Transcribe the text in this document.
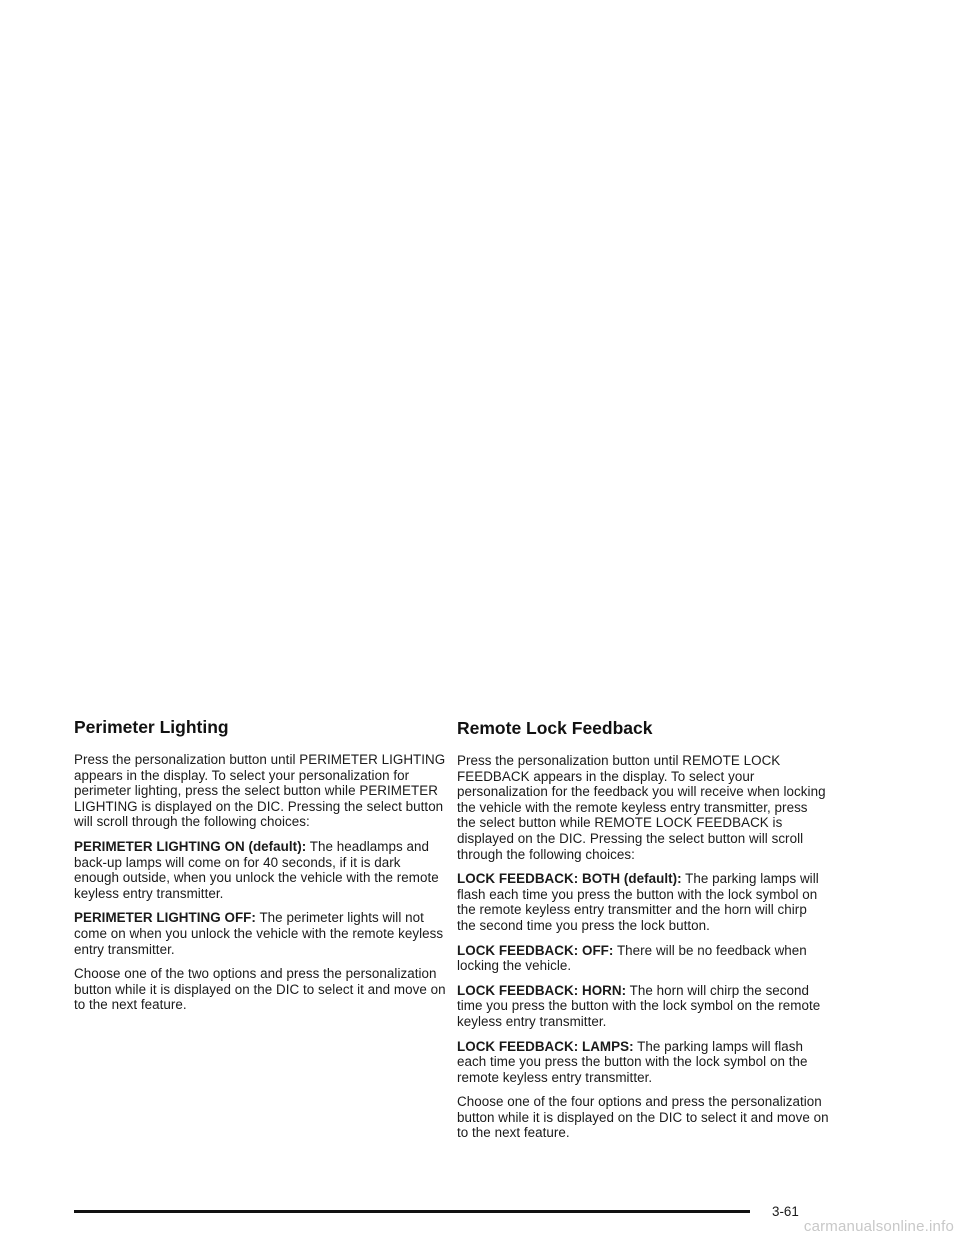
Perimeter Lighting

Press the personalization button until PERIMETER LIGHTING appears in the display. To select your personalization for perimeter lighting, press the select button while PERIMETER LIGHTING is displayed on the DIC. Pressing the select button will scroll through the following choices:

PERIMETER LIGHTING ON (default): The headlamps and back-up lamps will come on for 40 seconds, if it is dark enough outside, when you unlock the vehicle with the remote keyless entry transmitter.

PERIMETER LIGHTING OFF: The perimeter lights will not come on when you unlock the vehicle with the remote keyless entry transmitter.

Choose one of the two options and press the personalization button while it is displayed on the DIC to select it and move on to the next feature.

Remote Lock Feedback

Press the personalization button until REMOTE LOCK FEEDBACK appears in the display. To select your personalization for the feedback you will receive when locking the vehicle with the remote keyless entry transmitter, press the select button while REMOTE LOCK FEEDBACK is displayed on the DIC. Pressing the select button will scroll through the following choices:

LOCK FEEDBACK: BOTH (default): The parking lamps will flash each time you press the button with the lock symbol on the remote keyless entry transmitter and the horn will chirp the second time you press the lock button.

LOCK FEEDBACK: OFF: There will be no feedback when locking the vehicle.

LOCK FEEDBACK: HORN: The horn will chirp the second time you press the button with the lock symbol on the remote keyless entry transmitter.

LOCK FEEDBACK: LAMPS: The parking lamps will flash each time you press the button with the lock symbol on the remote keyless entry transmitter.

Choose one of the four options and press the personalization button while it is displayed on the DIC to select it and move on to the next feature.

3-61
carmanualsonline.info
